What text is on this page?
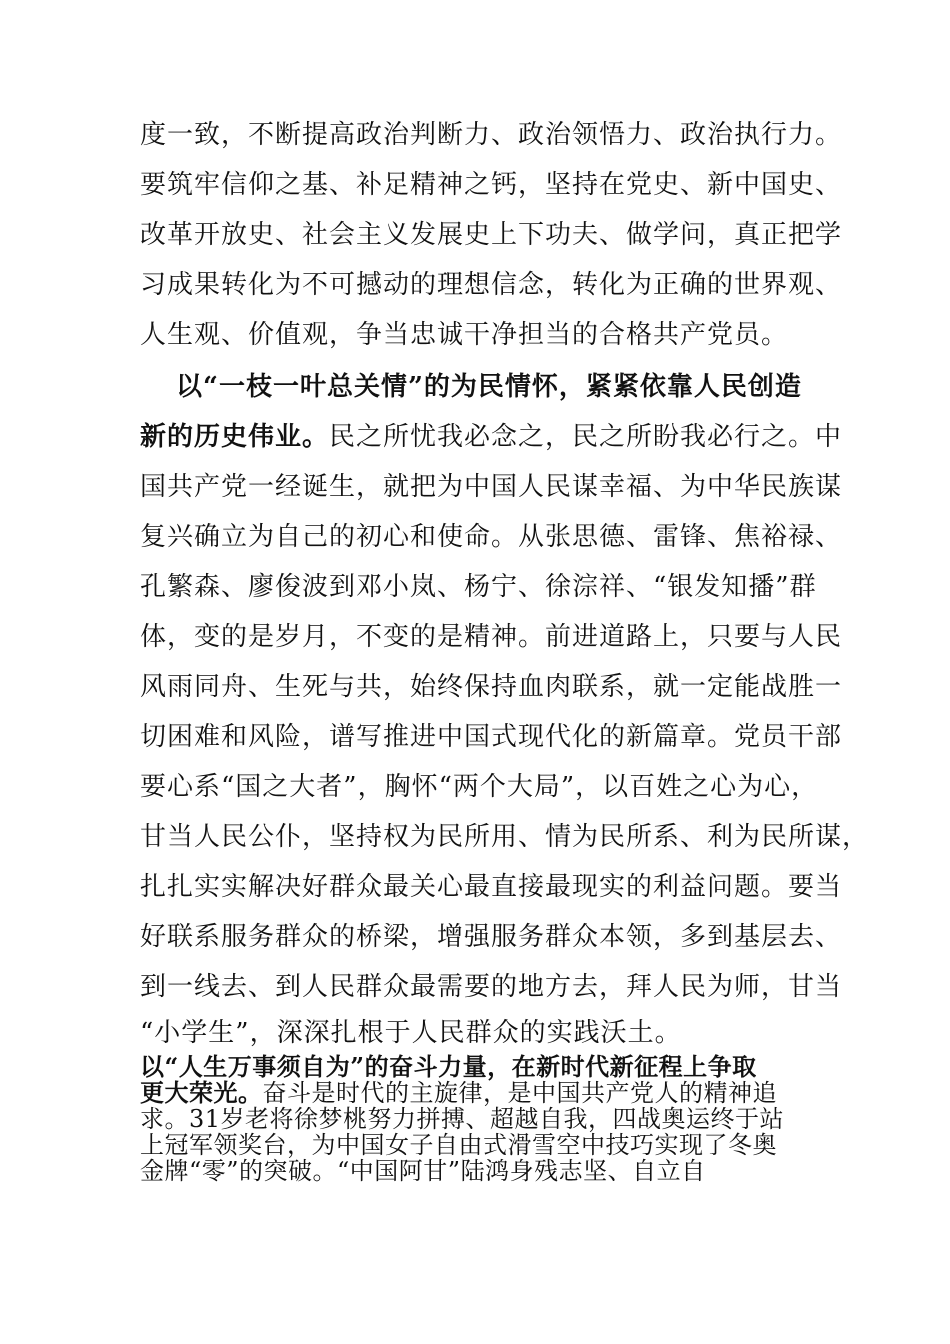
度一致，不断提高政治判断力、政治领悟力、政治执行力。
要筑牢信仰之基、补足精神之钙，坚持在党史、新中国史、
改革开放史、社会主义发展史上下功夫、做学问，真正把学
习成果转化为不可撼动的理想信念，转化为正确的世界观、
人生观、价值观，争当忠诚干净担当的合格共产党员。
以“一枝一叶总关情”的为民情怀，紧紧依靠人民创造
新的历史伟业。民之所忧我必念之，民之所盼我必行之。中
国共产党一经诞生，就把为中国人民谋幸福、为中华民族谋
复兴确立为自己的初心和使命。从张思德、雷锋、焦裕禄、
孔繁森、廖俊波到邓小岚、杨宁、徐淙祥、“银发知播”群
体，变的是岁月，不变的是精神。前进道路上，只要与人民
风雨同舟、生死与共，始终保持血肉联系，就一定能战胜一
切困难和风险，谱写推进中国式现代化的新篇章。党员干部
要心系“国之大者”，胸怀“两个大局”，以百姓之心为心，
甘当人民公仆，坚持权为民所用、情为民所系、利为民所谋，
扎扎实实解决好群众最关心最直接最现实的利益问题。要当
好联系服务群众的桥梁，增强服务群众本领，多到基层去、
到一线去、到人民群众最需要的地方去，拜人民为师，甘当
“小学生”，深深扎根于人民群众的实践沃土。
以“人生万事须自为”的奋斗力量，在新时代新征程上争取
更大荣光。奋斗是时代的主旋律，是中国共产党人的精神追
求。31岁老将徐梦桃努力拼搏、超越自我，四战奥运终于站
上冠军领奖台，为中国女子自由式滑雪空中技巧实现了冬奥
金牌“零”的突破。“中国阿甘”陆鸿身残志坚、自立自
